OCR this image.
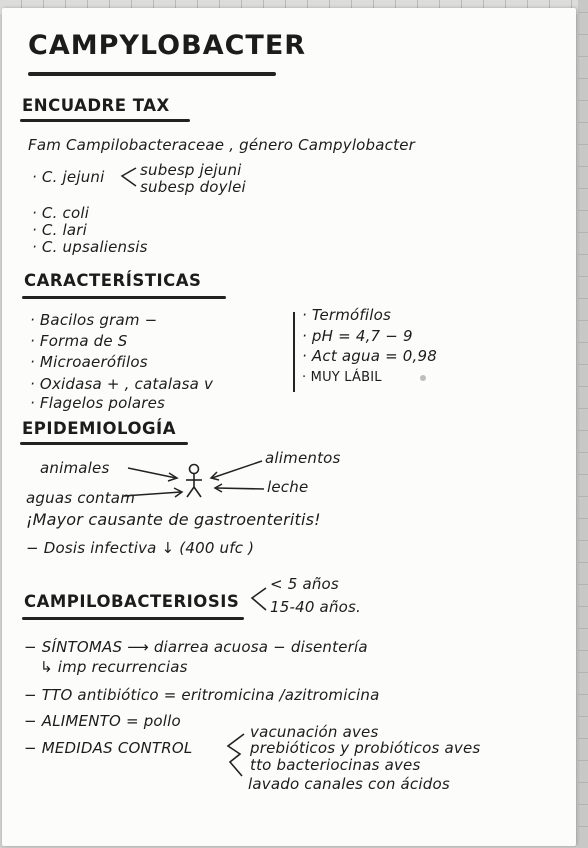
CAMPYLOBACTER
ENCUADRE TAX
Fam Campilobacteraceae , género Campylobacter
· C. jejuni subesp jejuni
subesp doylei
· C. coli
· C. lari
· C. upsaliensis
CARACTERÍSTICAS
· Bacilos gram −
· Forma de S
· Microaerófilos
· Oxidasa + , catalasa v
· Flagelos polares
· Termófilos
· pH = 4,7 − 9
· Act agua = 0,98
· MUY LÁBIL
EPIDEMIOLOGÍA
animales
aguas contam
alimentos
leche
¡Mayor causante de gastroenteritis!
− Dosis infectiva ↓ (400 ufc )
CAMPILOBACTERIOSIS
< 5 años
15-40 años.
− SÍNTOMAS ⟶ diarrea acuosa − disentería
↳ imp recurrencias
− TTO antibiótico = eritromicina /azitromicina
− ALIMENTO = pollo
− MEDIDAS CONTROL
vacunación aves
prebióticos y probióticos aves
tto bacteriocinas aves
lavado canales con ácidos
